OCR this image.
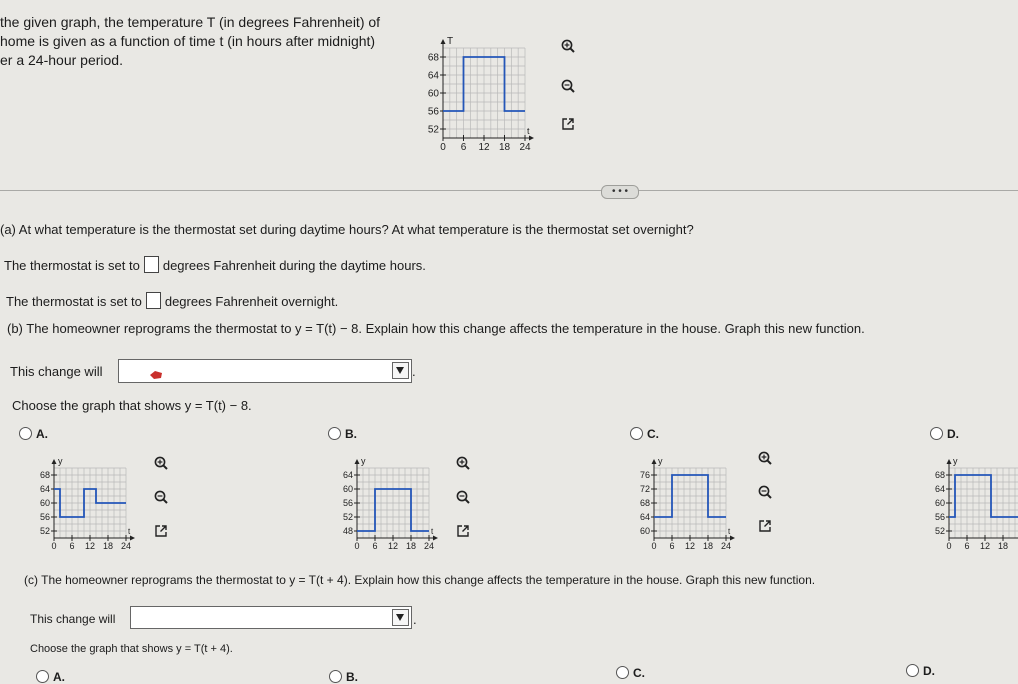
the given graph, the temperature T (in degrees Fahrenheit) of
home is given as a function of time t (in hours after midnight)
er a 24-hour period.
T
t
52
56
60
64
68
0 6 12 18 24
• • •
(a) At what temperature is the thermostat set during daytime hours? At what temperature is the thermostat set overnight?
The thermostat is set to degrees Fahrenheit during the daytime hours.
The thermostat is set to degrees Fahrenheit overnight.
(b) The homeowner reprograms the thermostat to y = T(t) − 8. Explain how this change affects the temperature in the house. Graph this new function.
This change will	.
Choose the graph that shows y = T(t) − 8.
A.	B.	C.	D.
y
t
52
56
60
64
68
0 6 12 18 24
y
t
48
52
56
60
64
0 6 12 18 24
y
t
60
64
68
72
76
0 6 12 18 24
y
52
56
60
64
68
0 6 12 18
(c) The homeowner reprograms the thermostat to y = T(t + 4). Explain how this change affects the temperature in the house. Graph this new function.
This change will	.
Choose the graph that shows y = T(t + 4).
A.	B.	C.	D.
